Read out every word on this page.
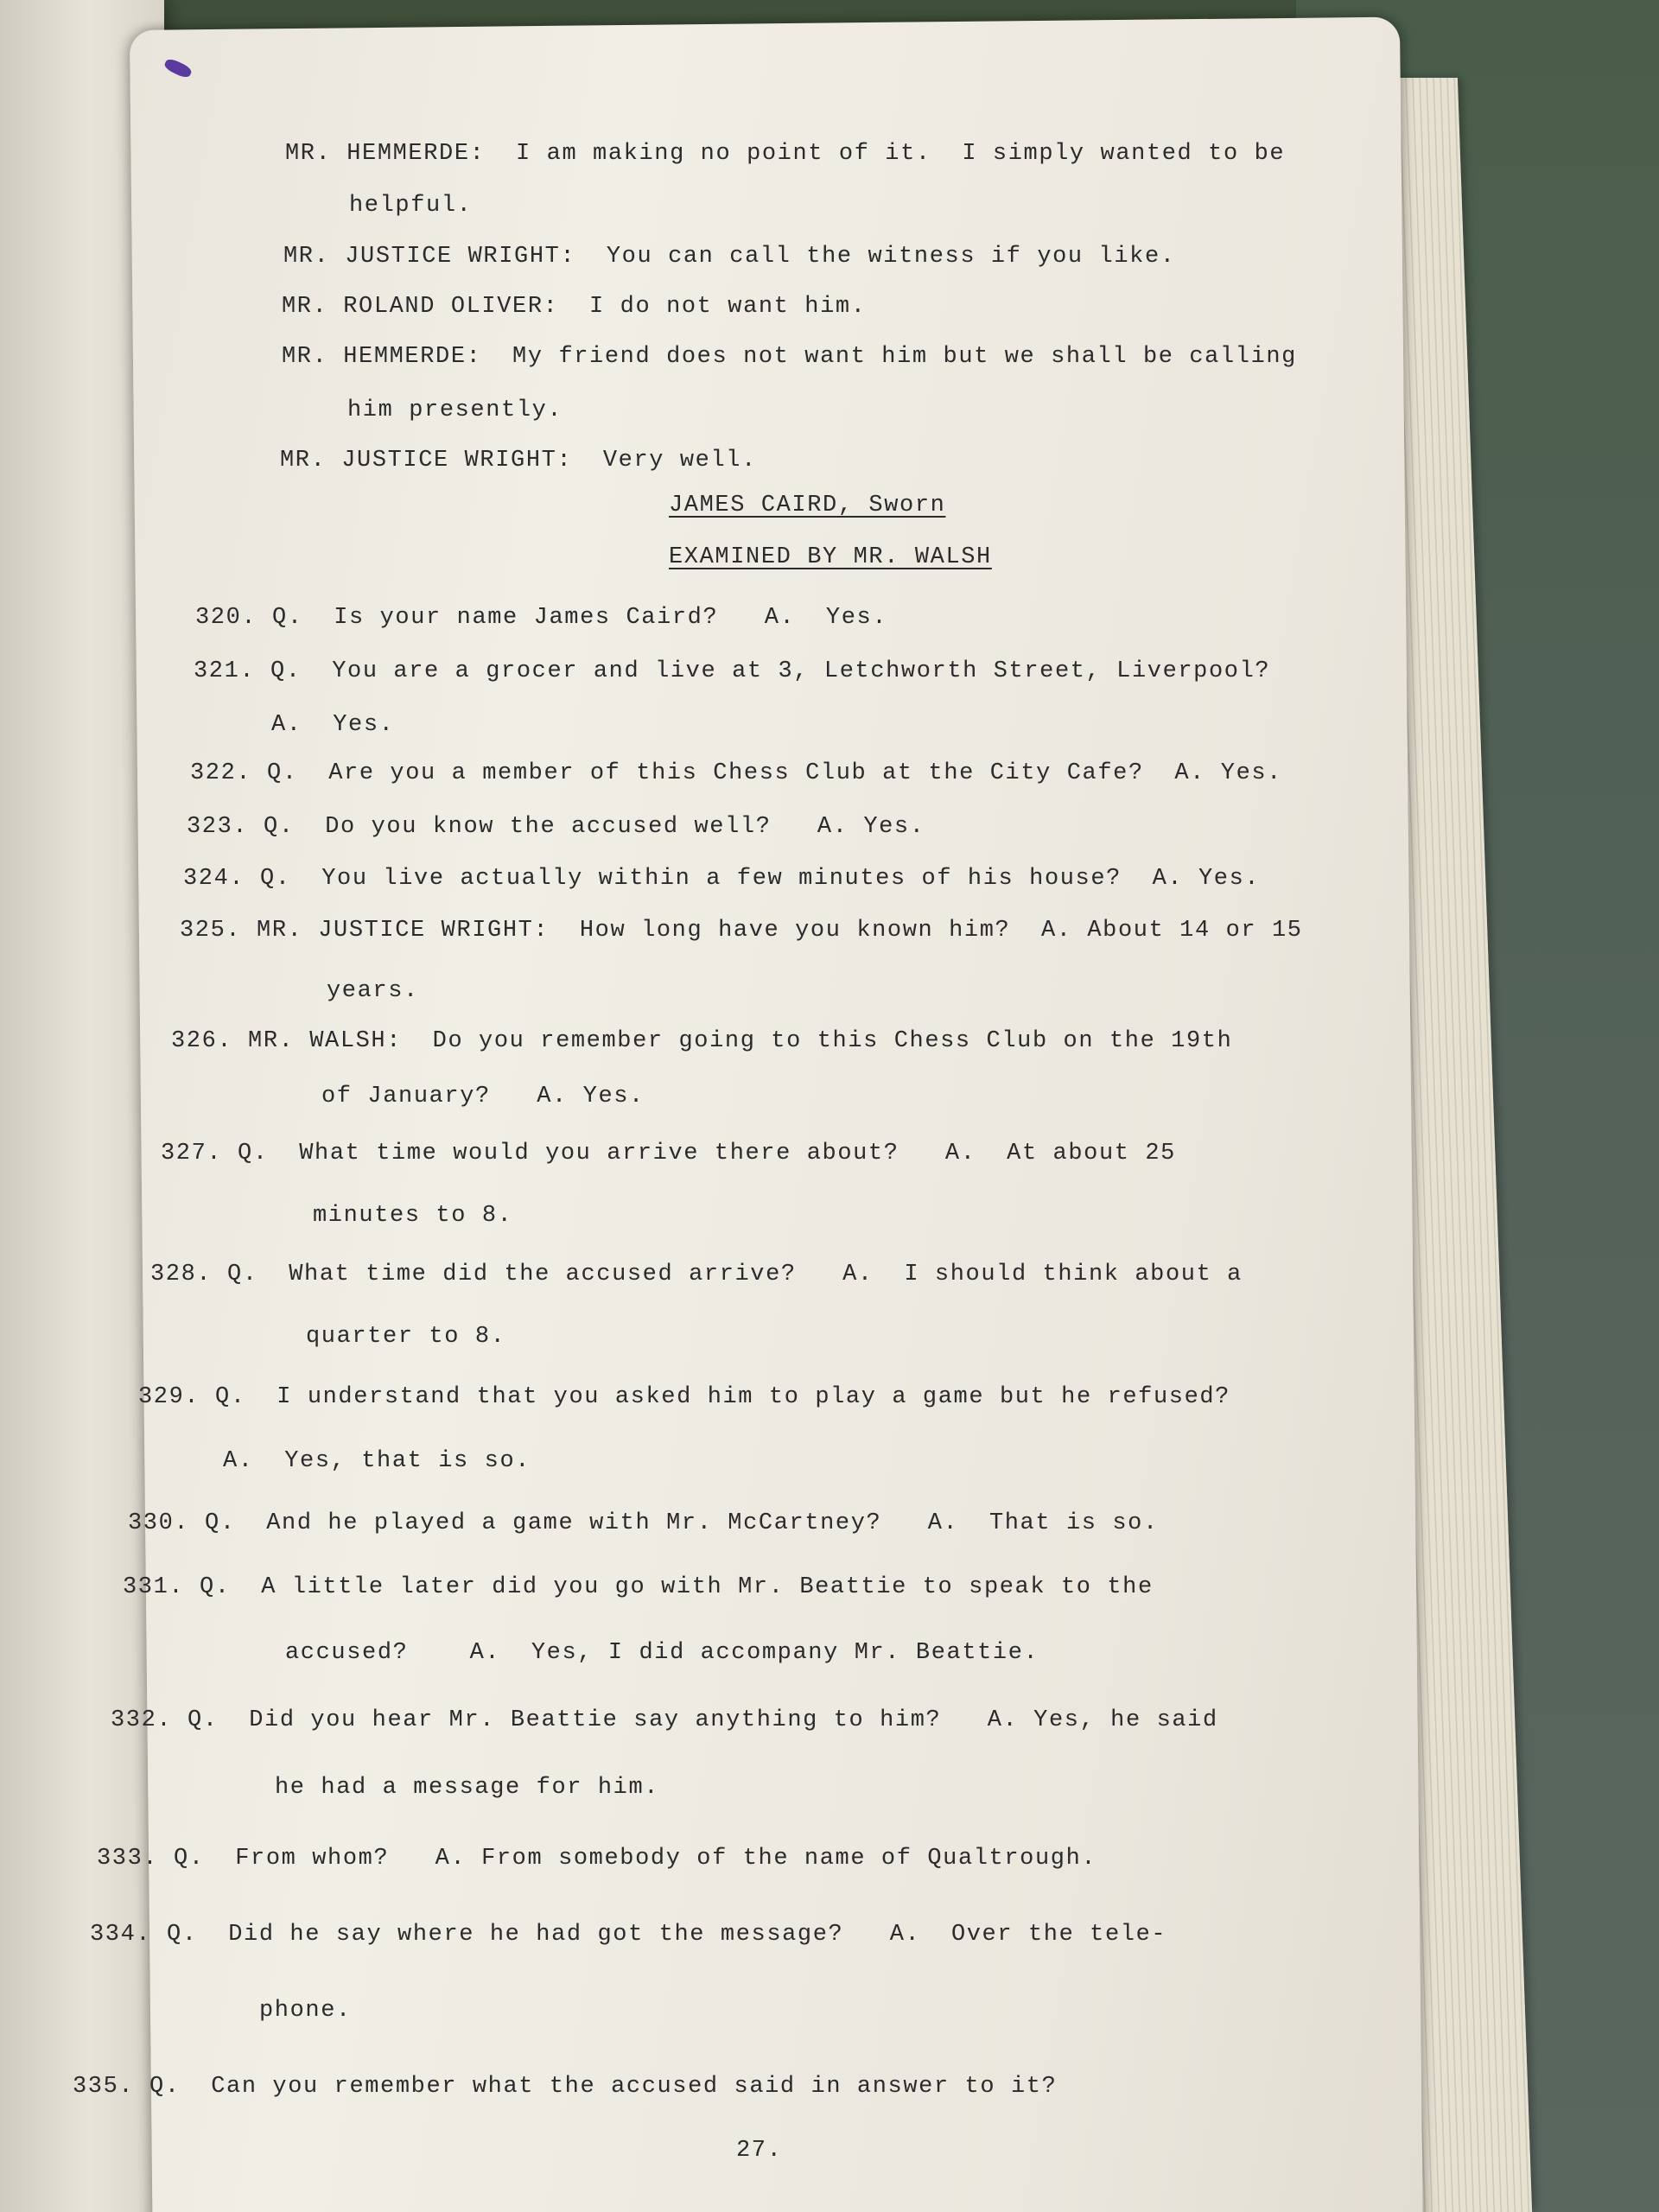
MR. HEMMERDE:  I am making no point of it.  I simply wanted to be

helpful.

MR. JUSTICE WRIGHT:  You can call the witness if you like.

MR. ROLAND OLIVER:  I do not want him.

MR. HEMMERDE:  My friend does not want him but we shall be calling

him presently.

MR. JUSTICE WRIGHT:  Very well.

JAMES CAIRD, Sworn

EXAMINED BY MR. WALSH

320. Q.  Is your name James Caird?   A.  Yes.

321. Q.  You are a grocer and live at 3, Letchworth Street, Liverpool?

A.  Yes.

322. Q.  Are you a member of this Chess Club at the City Cafe?  A. Yes.

323. Q.  Do you know the accused well?   A. Yes.

324. Q.  You live actually within a few minutes of his house?  A. Yes.

325. MR. JUSTICE WRIGHT:  How long have you known him?  A. About 14 or 15

years.

326. MR. WALSH:  Do you remember going to this Chess Club on the 19th

of January?   A. Yes.

327. Q.  What time would you arrive there about?   A.  At about 25

minutes to 8.

328. Q.  What time did the accused arrive?   A.  I should think about a

quarter to 8.

329. Q.  I understand that you asked him to play a game but he refused?

A.  Yes, that is so.

330. Q.  And he played a game with Mr. McCartney?   A.  That is so.

331. Q.  A little later did you go with Mr. Beattie to speak to the

accused?    A.  Yes, I did accompany Mr. Beattie.

332. Q.  Did you hear Mr. Beattie say anything to him?   A. Yes, he said

he had a message for him.

333. Q.  From whom?   A. From somebody of the name of Qualtrough.

334. Q.  Did he say where he had got the message?   A.  Over the tele-

phone.

335. Q.  Can you remember what the accused said in answer to it?

27.
